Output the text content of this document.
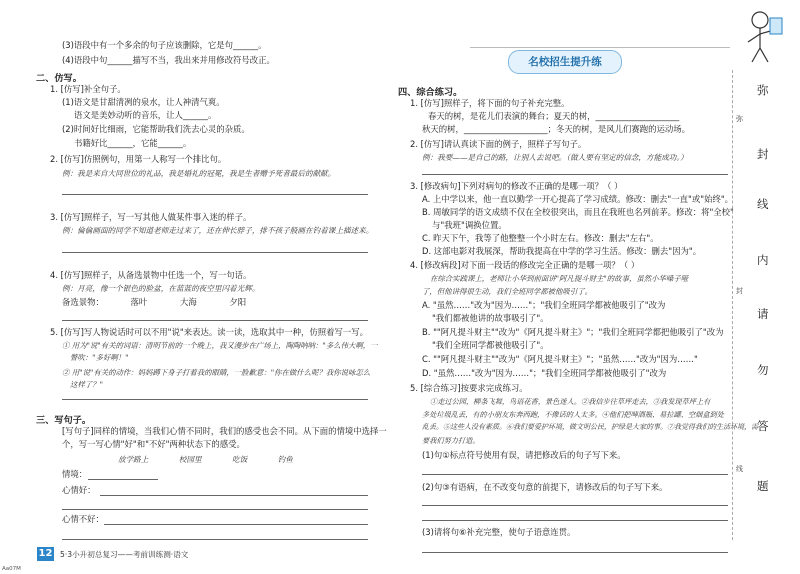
(3)语段中有一个多余的句子应该删除，它是句______。
(4)语段中句______描写不当，我出来并用修改符号改正。
二、仿写。
1. [仿写]补全句子。
(1)语文是甘甜清冽的泉水，让人神清气爽。
语文是美妙动听的音乐，让人______。
(2)时间好比细雨，它能帮助我们洗去心灵的杂质。
书籍好比______，它能______。
2. [仿写]仿照例句，用第一人称写一个排比句。
例：我是来自大同世位的礼品，我是婚礼的冠冕，我是生者赠予死者最后的献献。
3. [仿写]照样子，写一写其他人做某件事入迷的样子。
例：倫倫画面的同学不知道老师走过来了，还在伸长脖子，排不孩子般画在钓着课上描述来。
4. [仿写]照样子，从备选景物中任选一个，写一句话。
例：月亮，像一个银色的脸盆，在蓝蓝的夜空里闪着光辉。
备选景物：	落叶	大海	夕阳
5. [仿写]写人物说话时可以不用"说"来表达。读一读，选取其中一种，仿照着写一写。
① 用为"说"有关的词语：清明节前的一个晚上，我又漫步在广场上，陶陶呐呐："多么伟大啊，一
瞥吹："多好啊！"
② 用"说"有关的动作：妈妈蹲下身子打着我的眼睛，一脸歉意："你在做什么呢？我你说咏怎么
这样了？"
三、写句子。
[写句子]同样的情境，当我们心情不同时，我们的感受也会不同。从下面的情境中选择一
个，写一写心情"好"和"不好"两种状态下的感受。
放学路上	校园里	吃饭	钓鱼
情境：
心情好：
心情不好：
12 5·3小升初总复习——考前训练测·语文
Aa07M
名校招生提升练
四、综合练习。
1. [仿写]照样子，将下面的句子补充完整。
春天的树，是花儿们表演的舞台；夏天的树，____________________
秋天的树，____________________；冬天的树，是风儿们赛跑的运动场。
2. [仿写]请认真读下面的例子，照样子写句子。
例：我要——是自己的路，让别人去说吧。（做人要有坚定的信念，方能成功。）
3. [修改病句]下列对病句的修改不正确的是哪一项？（ ）
A. 上中学以来，他一直以勤学一开心提高了学习成绩。修改：删去"一直"或"始终"。
B. 周敏同学的语文成绩不仅在全校很突出，而且在我班也名列前茅。修改：将"全校"
与"我班"调换位置。
C. 昨天下午，我等了他整整一个小时左右。修改：删去"左右"。
D. 这部电影对我展深，帮助我提高在中学的学习生活。修改：删去"因为"。
4. [修改病段]对下面一段话的修改完全正确的是哪一项？（ ）
在综合实践课上，老师让小华到前面讲"阿凡提斗财主"的故事，虽然小华嗓子哑
了，但他讲得很生动，我们全班同学都被他吸引了。
A. "虽然……"改为"因为……"；"我们全班同学都被他吸引了"改为
"我们都被他讲的故事吸引了"。
B. ""阿凡提斗财主""改为"《阿凡提斗财主》"；"我们全班同学都把他吸引了"改为
"我们全班同学都被他吸引了"。
C. ""阿凡提斗财主""改为"《阿凡提斗财主》"；"虽然……"改为"因为……"
D. "虽然……"改为"因为……"；"我们全班同学都被他吸引了"改为
5. [综合练习]按要求完成练习。
①走过公园，柳条飞舞，鸟语花香，景色迷人。②我信步往草坪走去，③我发现草坪上有
多处垃圾乱丢，有的小朋友东奔西跑，不像话的人太多。④他们把啤酒瓶、易拉罐、空烟盒到处
乱丢。⑤这些人没有素质。⑥我们要爱护环境，做文明公民，护绿是大家的事。⑦我觉得我们的生活环境，需
要我们努力打造。
(1)句①标点符号使用有误，请把修改后的句子写下来。
(2)句③有语病，在不改变句意的前提下，请修改后的句子写下来。
(3)请将句⑥补充完整，使句子语意连贯。
弥
封
线
内
请
勿
答
题
弥
封
线
